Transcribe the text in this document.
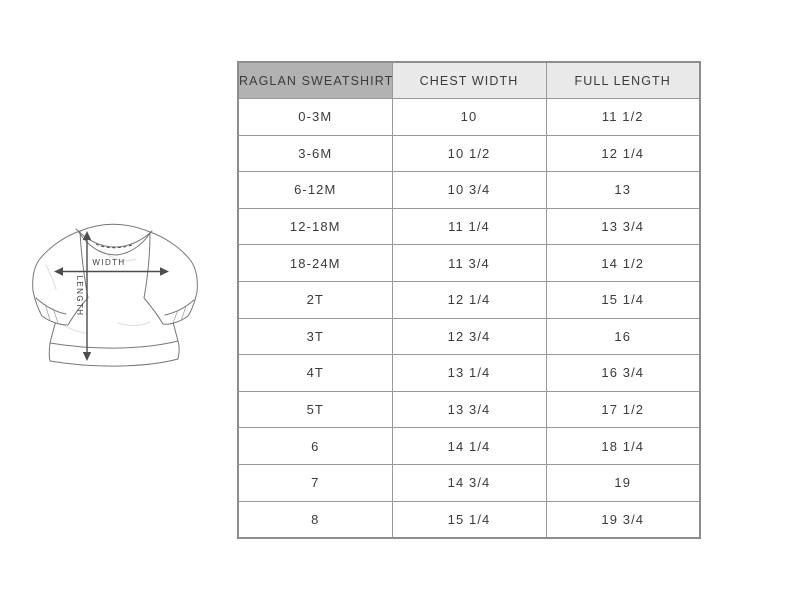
WIDTH
LENGTH
RAGLAN SWEATSHIRT	CHEST WIDTH	FULL LENGTH
0-3M	10	11 1/2
3-6M	10 1/2	12 1/4
6-12M	10 3/4	13
12-18M	11 1/4	13 3/4
18-24M	11 3/4	14 1/2
2T	12 1/4	15 1/4
3T	12 3/4	16
4T	13 1/4	16 3/4
5T	13 3/4	17 1/2
6	14 1/4	18 1/4
7	14 3/4	19
8	15 1/4	19 3/4
